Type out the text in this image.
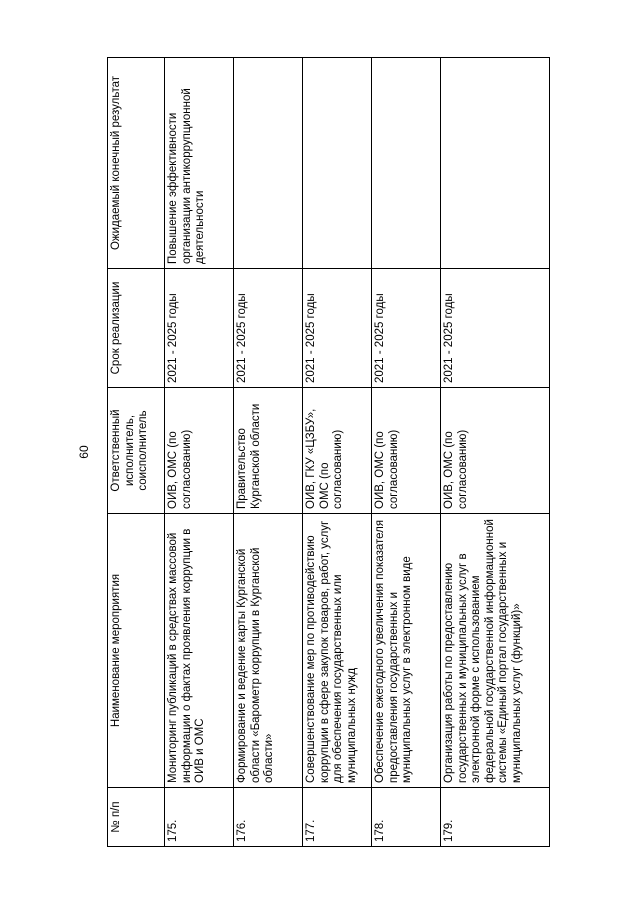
60
№ п/п	Наименование мероприятия	Ответственный исполнитель, соисполнитель	Срок реализации	Ожидаемый конечный результат
175.	Мониторинг публикаций в средствах массовой информации о фактах проявления коррупции в ОИВ и ОМС	ОИВ, ОМС (по согласованию)	2021 - 2025 годы	Повышение эффективности организации антикоррупционной деятельности
176.	Формирование и ведение карты Курганской области «Барометр коррупции в Курганской области»	Правительство Курганской области	2021 - 2025 годы	
177.	Совершенствование мер по противодействию коррупции в сфере закупок товаров, работ, услуг для обеспечения государственных или муниципальных нужд	ОИВ, ГКУ «ЦЗБУ», ОМС (по согласованию)	2021 - 2025 годы	
178.	Обеспечение ежегодного увеличения показателя предоставления государственных и муниципальных услуг в электронном виде	ОИВ, ОМС (по согласованию)	2021 - 2025 годы	
179.	Организация работы по предоставлению государственных и муниципальных услуг в электронной форме с использованием федеральной государственной информационной системы «Единый портал государственных и муниципальных услуг (функций)»	ОИВ, ОМС (по согласованию)	2021 - 2025 годы	
